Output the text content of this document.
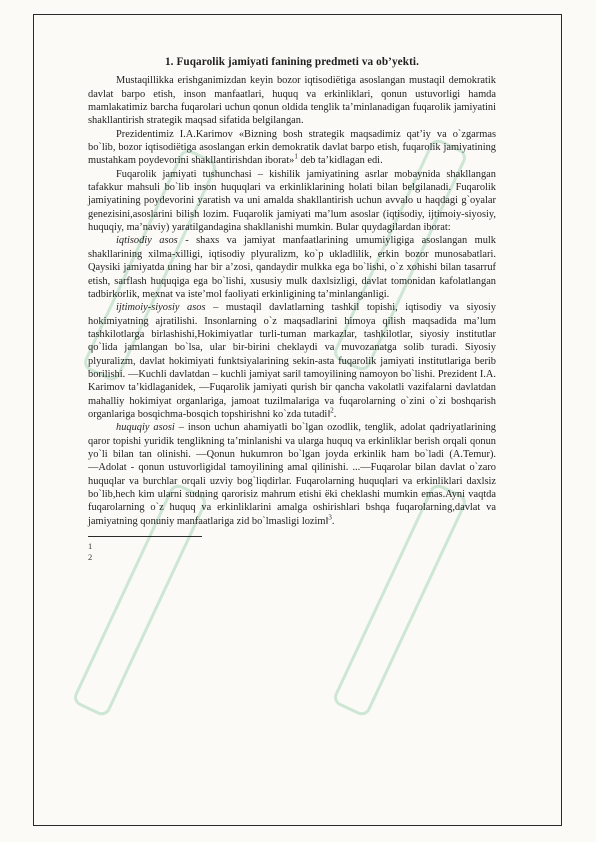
1. Fuqarolik jamiyati fanining predmeti va ob’yekti.

Mustaqillikka erishganimizdan keyin bozor iqtisodiёtiga asoslangan mustaqil demokratik davlat barpo etish, inson manfaatlari, huquq va erkinliklari, qonun ustuvorligi hamda mamlakatimiz barcha fuqarolari uchun qonun oldida tenglik ta’minlanadigan fuqarolik jamiyatini shakllantirish strategik maqsad sifatida belgilangan.

Prezidentimiz I.A.Karimov «Bizning bosh strategik maqsadimiz qat’iy va o`zgarmas bo`lib, bozor iqtisodiёtiga asoslangan erkin demokratik davlat barpo etish, fuqarolik jamiyatining mustahkam poydevorini shakllantirishdan iborat»$^1$ deb ta’kidlagan edi.

Fuqarolik jamiyati tushunchasi – kishilik jamiyatining asrlar mobaynida shakllangan tafakkur mahsuli bo`lib inson huquqlari va erkinliklarining holati bilan belgilanadi. Fuqarolik jamiyatining poydevorini yaratish va uni amalda shakllantirish uchun avvalo u haqdagi g`oyalar genezisini,asoslarini bilish lozim. Fuqarolik jamiyati ma’lum asoslar (iqtisodiy, ijtimoiy-siyosiy, huquqiy, ma’naviy) yaratilgandagina shakllanishi mumkin. Bular quydagilardan iborat:

iqtisodiy asos - shaxs va jamiyat manfaatlarining umumiyligiga asoslangan mulk shakllarining xilma-xilligi, iqtisodiy plyuralizm, ko`p ukladlilik, erkin bozor munosabatlari. Qaysiki jamiyatda uning har bir a’zosi, qandaydir mulkka ega bo`lishi, o`z xohishi bilan tasarruf etish, sarflash huquqiga ega bo`lishi, xususiy mulk daxlsizligi, davlat tomonidan kafolatlangan tadbirkorlik, mexnat va iste’mol faoliyati erkinligining ta’minlanganligi.

ijtimoiy-siyosiy asos – mustaqil davlatlarning tashkil topishi, iqtisodiy va siyosiy hokimiyatning ajratilishi. Insonlarning o`z maqsadlarini himoya qilish maqsadida ma’lum tashkilotlarga birlashishi,Hokimiyatlar turli-tuman markazlar, tashkilotlar, siyosiy institutlar qo`lida jamlangan bo`lsa, ular bir-birini cheklaydi va muvozanatga solib turadi. Siyosiy plyuralizm, davlat hokimiyati funktsiyalarining sekin-asta fuqarolik jamiyati institutlariga berib borilishi. ―Kuchli davlatdan – kuchli jamiyat sari‖ tamoyilining namoyon bo`lishi. Prezident I.A. Karimov ta’kidlaganidek, ―Fuqarolik jamiyati qurish bir qancha vakolatli vazifalarni davlatdan mahalliy hokimiyat organlariga, jamoat tuzilmalariga va fuqarolarning o`zini o`zi boshqarish organlariga bosqichma-bosqich topshirishni ko`zda tutadi‖$^2$.

huquqiy asosi – inson uchun ahamiyatli bo`lgan ozodlik, tenglik, adolat qadriyatlarining qaror topishi yuridik tenglikning ta’minlanishi va ularga huquq va erkinliklar berish orqali qonun yo`li bilan tan olinishi. ―Qonun hukumron bo`lgan joyda erkinlik ham bo`ladi (A.Temur). ―Adolat - qonun ustuvorligidal tamoyilining amal qilinishi. ...―Fuqarolar bilan davlat o`zaro huquqlar va burchlar orqali uzviy bog`liqdirlar. Fuqarolarning huquqlari va erkinliklari daxlsiz bo`lib,hech kim ularni sudning qarorisiz mahrum etishi ёki cheklashi mumkin emas.Ayni vaqtda fuqarolarning o`z huquq va erkinliklarini amalga oshirishlari bshqa fuqarolarning,davlat va jamiyatning qonuniy manfaatlariga zid bo`lmasligi lozim‖$^3$.

1
2
